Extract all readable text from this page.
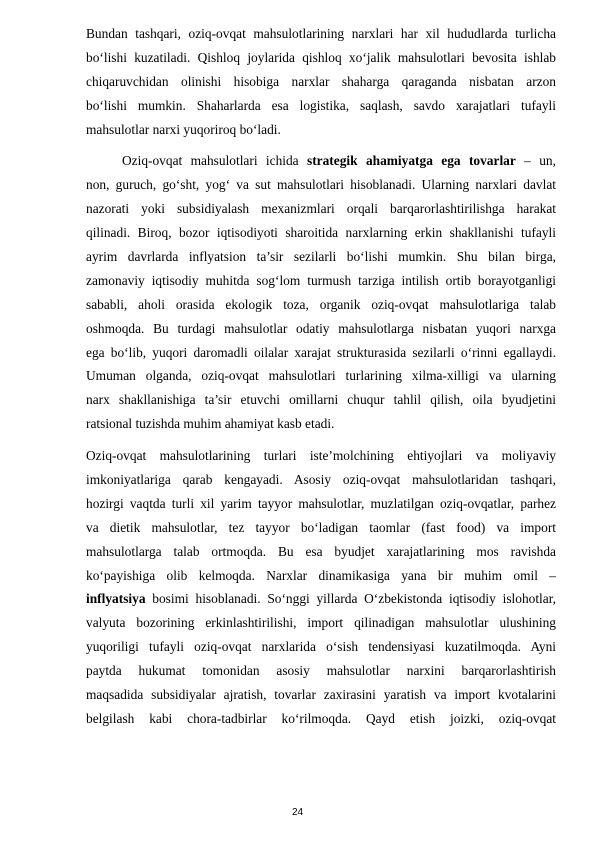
Bundan tashqari, oziq-ovqat mahsulotlarining narxlari har xil hududlarda turlicha
bo‘lishi kuzatiladi. Qishloq joylarida qishloq xo‘jalik mahsulotlari bevosita ishlab
chiqaruvchidan olinishi hisobiga narxlar shaharga qaraganda nisbatan arzon
bo‘lishi mumkin. Shaharlarda esa logistika, saqlash, savdo xarajatlari tufayli
mahsulotlar narxi yuqoriroq bo‘ladi.
Oziq-ovqat mahsulotlari ichida strategik ahamiyatga ega tovarlar – un,
non, guruch, go‘sht, yog‘ va sut mahsulotlari hisoblanadi. Ularning narxlari davlat
nazorati yoki subsidiyalash mexanizmlari orqali barqarorlashtirilishga harakat
qilinadi. Biroq, bozor iqtisodiyoti sharoitida narxlarning erkin shakllanishi tufayli
ayrim davrlarda inflyatsion ta’sir sezilarli bo‘lishi mumkin. Shu bilan birga,
zamonaviy iqtisodiy muhitda sog‘lom turmush tarziga intilish ortib borayotganligi
sababli, aholi orasida ekologik toza, organik oziq-ovqat mahsulotlariga talab
oshmoqda. Bu turdagi mahsulotlar odatiy mahsulotlarga nisbatan yuqori narxga
ega bo‘lib, yuqori daromadli oilalar xarajat strukturasida sezilarli o‘rinni egallaydi.
Umuman olganda, oziq-ovqat mahsulotlari turlarining xilma-xilligi va ularning
narx shakllanishiga ta’sir etuvchi omillarni chuqur tahlil qilish, oila byudjetini
ratsional tuzishda muhim ahamiyat kasb etadi.
Oziq-ovqat mahsulotlarining turlari iste’molchining ehtiyojlari va moliyaviy
imkoniyatlariga qarab kengayadi. Asosiy oziq-ovqat mahsulotlaridan tashqari,
hozirgi vaqtda turli xil yarim tayyor mahsulotlar, muzlatilgan oziq-ovqatlar, parhez
va dietik mahsulotlar, tez tayyor bo‘ladigan taomlar (fast food) va import
mahsulotlarga talab ortmoqda. Bu esa byudjet xarajatlarining mos ravishda
ko‘payishiga olib kelmoqda. Narxlar dinamikasiga yana bir muhim omil –
inflyatsiya bosimi hisoblanadi. So‘nggi yillarda O‘zbekistonda iqtisodiy islohotlar,
valyuta bozorining erkinlashtirilishi, import qilinadigan mahsulotlar ulushining
yuqoriligi tufayli oziq-ovqat narxlarida o‘sish tendensiyasi kuzatilmoqda. Ayni
paytda hukumat tomonidan asosiy mahsulotlar narxini barqarorlashtirish
maqsadida subsidiyalar ajratish, tovarlar zaxirasini yaratish va import kvotalarini
belgilash kabi chora-tadbirlar ko‘rilmoqda. Qayd etish joizki, oziq-ovqat
24
